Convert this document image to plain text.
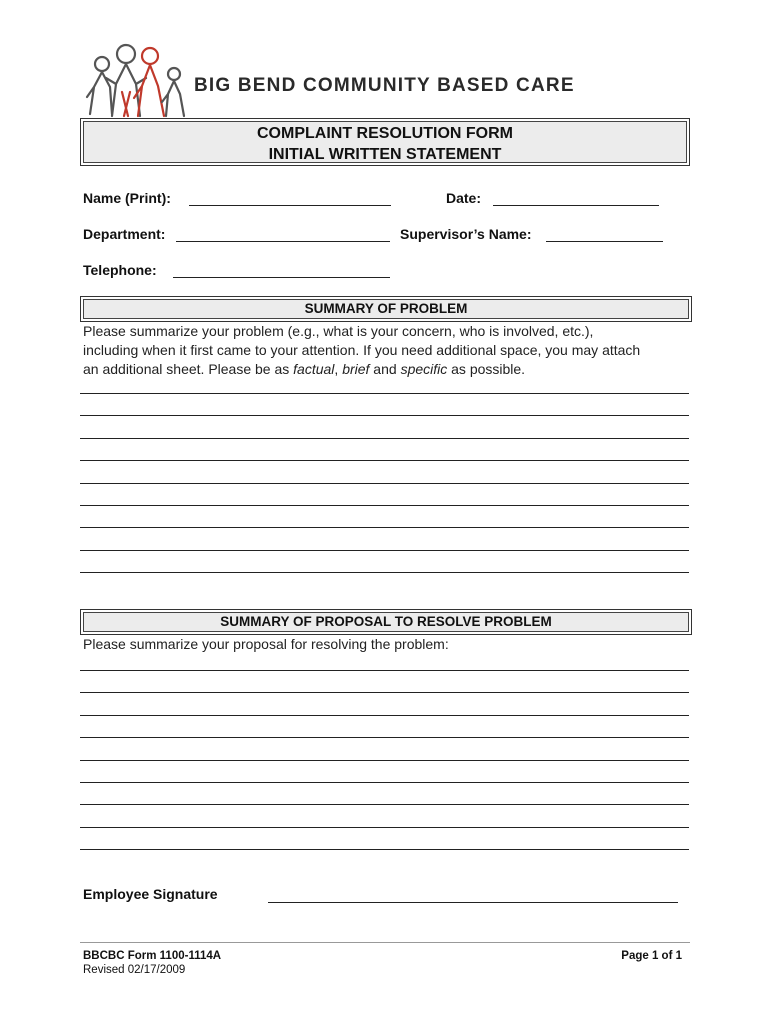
BIG BEND COMMUNITY BASED CARE
COMPLAINT RESOLUTION FORM
INITIAL WRITTEN STATEMENT
Name (Print):	Date:
Department:	Supervisor’s Name:
Telephone:
SUMMARY OF PROBLEM
Please summarize your problem (e.g., what is your concern, who is involved, etc.),
including when it first came to your attention. If you need additional space, you may attach
an additional sheet. Please be as factual, brief and specific as possible.
SUMMARY OF PROPOSAL TO RESOLVE PROBLEM
Please summarize your proposal for resolving the problem:
Employee Signature
BBCBC Form 1100-1114A
Revised 02/17/2009
Page 1 of 1
